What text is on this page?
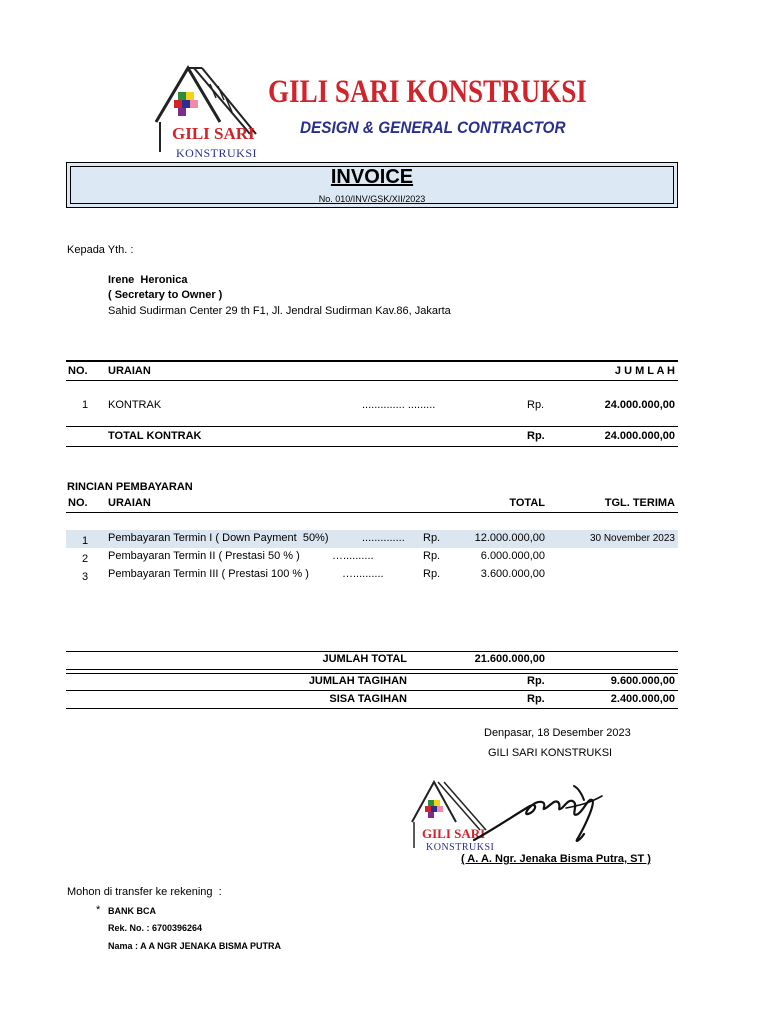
GILI SARI
KONSTRUKSI
GILI SARI KONSTRUKSI
DESIGN & GENERAL CONTRACTOR
INVOICE
No. 010/INV/GSK/XII/2023
Kepada Yth. :
Irene  Heronica
( Secretary to Owner )
Sahid Sudirman Center 29 th F1, Jl. Jendral Sudirman Kav.86, Jakarta
NO. URAIAN	J U M L A H
1 KONTRAK	.............. .........	Rp.	24.000.000,00
TOTAL KONTRAK	Rp.	24.000.000,00
RINCIAN PEMBAYARAN
NO. URAIAN	TOTAL	TGL. TERIMA
1 Pembayaran Termin I ( Down Payment  50%)	.............. Rp.	12.000.000,00	30 November 2023
2 Pembayaran Termin II ( Prestasi 50 % )	…..........	Rp.	6.000.000,00
3 Pembayaran Termin III ( Prestasi 100 % )	…..........	Rp.	3.600.000,00
JUMLAH TOTAL	21.600.000,00
JUMLAH TAGIHAN	Rp.	9.600.000,00
SISA TAGIHAN	Rp.	2.400.000,00
Denpasar, 18 Desember 2023
GILI SARI KONSTRUKSI
GILI SARI
KONSTRUKSI
( A. A. Ngr. Jenaka Bisma Putra, ST )
Mohon di transfer ke rekening  :
* BANK BCA
Rek. No. : 6700396264
Nama : A A NGR JENAKA BISMA PUTRA
